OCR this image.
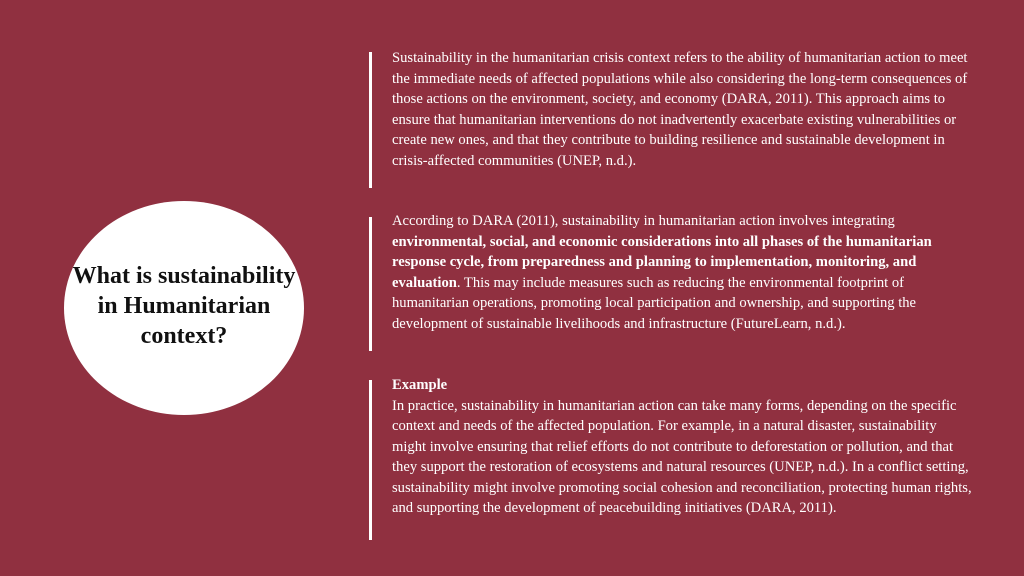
What is sustainability in Humanitarian context?
Sustainability in the humanitarian crisis context refers to the ability of humanitarian action to meet the immediate needs of affected populations while also considering the long-term consequences of those actions on the environment, society, and economy (DARA, 2011). This approach aims to ensure that humanitarian interventions do not inadvertently exacerbate existing vulnerabilities or create new ones, and that they contribute to building resilience and sustainable development in crisis-affected communities (UNEP, n.d.).
According to DARA (2011), sustainability in humanitarian action involves integrating environmental, social, and economic considerations into all phases of the humanitarian response cycle, from preparedness and planning to implementation, monitoring, and evaluation. This may include measures such as reducing the environmental footprint of humanitarian operations, promoting local participation and ownership, and supporting the development of sustainable livelihoods and infrastructure (FutureLearn, n.d.).
Example
In practice, sustainability in humanitarian action can take many forms, depending on the specific context and needs of the affected population. For example, in a natural disaster, sustainability might involve ensuring that relief efforts do not contribute to deforestation or pollution, and that they support the restoration of ecosystems and natural resources (UNEP, n.d.). In a conflict setting, sustainability might involve promoting social cohesion and reconciliation, protecting human rights, and supporting the development of peacebuilding initiatives (DARA, 2011).
